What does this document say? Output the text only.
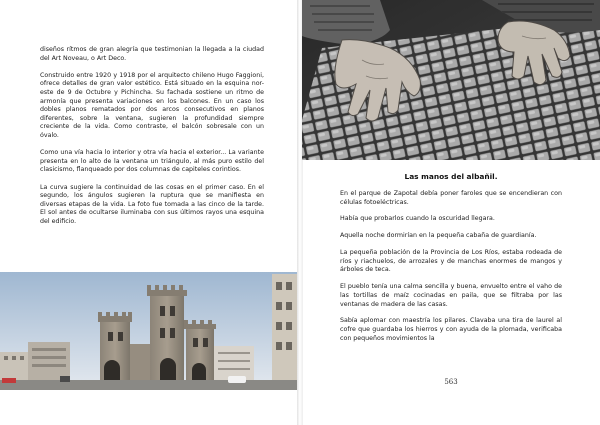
diseños rítmos de gran alegría que testimonian la llegada a la ciudad del Art Noveau, o Art Deco.

Construido entre 1920 y 1918 por el arquitecto chileno Hugo Faggioni, ofrece detalles de gran valor estético. Está situado en la esquina nor-este de 9 de Octubre y Pichincha. Su fachada sostiene un ritmo de armonía que presenta variaciones en los balcones. En un caso los dobles planos rematados por dos arcos consecutivos en planos diferentes, sobre la ventana, sugieren la profundidad siempre creciente de la vida. Como contraste, el balcón sobresale con un óvalo.

Como una vía hacia lo interior y otra vía hacia el exterior... La variante presenta en lo alto de la ventana un triángulo, al más puro estilo del clasicismo, flanqueado por dos columnas de capiteles corintios.

La curva sugiere la continuidad de las cosas en el primer caso. En el segundo, los ángulos sugieren la ruptura que se manifiesta en diversas etapas de la vida. La foto fue tomada a las cinco de la tarde. El sol antes de ocultarse iluminaba con sus últimos rayos una esquina del edificio.

Las manos del albañil.

En el parque de Zapotal debía poner faroles que se encendieran con células fotoeléctricas.

Había que probarlos cuando la oscuridad llegara.

Aquella noche dormirían en la pequeña cabaña de guardianía.

La pequeña población de la Provincia de Los Ríos, estaba rodeada de ríos y riachuelos, de arrozales y de manchas enormes de mangos y árboles de teca.

El pueblo tenía una calma sencilla y buena, envuelto entre el vaho de las tortillas de maíz cocinadas en paila, que se filtraba por las ventanas de madera de las casas.

Sabía aplomar con maestría los pilares. Clavaba una tira de laurel al cofre que guardaba los hierros y con ayuda de la plomada, verificaba con pequeños movimientos la

563
